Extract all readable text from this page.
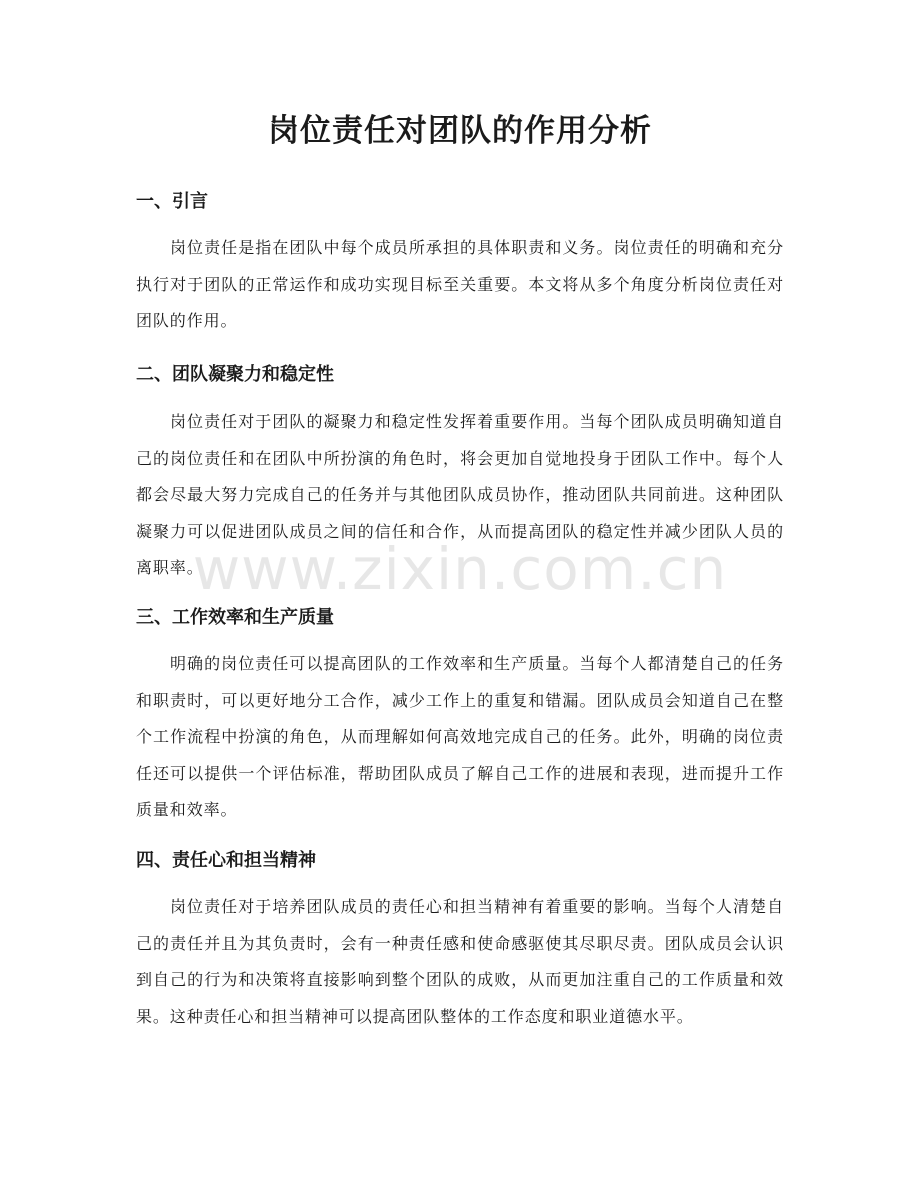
岗位责任对团队的作用分析
一、引言

岗位责任是指在团队中每个成员所承担的具体职责和义务。岗位责任的明确和充分执行对于团队的正常运作和成功实现目标至关重要。本文将从多个角度分析岗位责任对团队的作用。

二、团队凝聚力和稳定性

岗位责任对于团队的凝聚力和稳定性发挥着重要作用。当每个团队成员明确知道自己的岗位责任和在团队中所扮演的角色时，将会更加自觉地投身于团队工作中。每个人都会尽最大努力完成自己的任务并与其他团队成员协作，推动团队共同前进。这种团队凝聚力可以促进团队成员之间的信任和合作，从而提高团队的稳定性并减少团队人员的离职率。

三、工作效率和生产质量

明确的岗位责任可以提高团队的工作效率和生产质量。当每个人都清楚自己的任务和职责时，可以更好地分工合作，减少工作上的重复和错漏。团队成员会知道自己在整个工作流程中扮演的角色，从而理解如何高效地完成自己的任务。此外，明确的岗位责任还可以提供一个评估标准，帮助团队成员了解自己工作的进展和表现，进而提升工作质量和效率。

四、责任心和担当精神

岗位责任对于培养团队成员的责任心和担当精神有着重要的影响。当每个人清楚自己的责任并且为其负责时，会有一种责任感和使命感驱使其尽职尽责。团队成员会认识到自己的行为和决策将直接影响到整个团队的成败，从而更加注重自己的工作质量和效果。这种责任心和担当精神可以提高团队整体的工作态度和职业道德水平。

www.zixin.com.cn
